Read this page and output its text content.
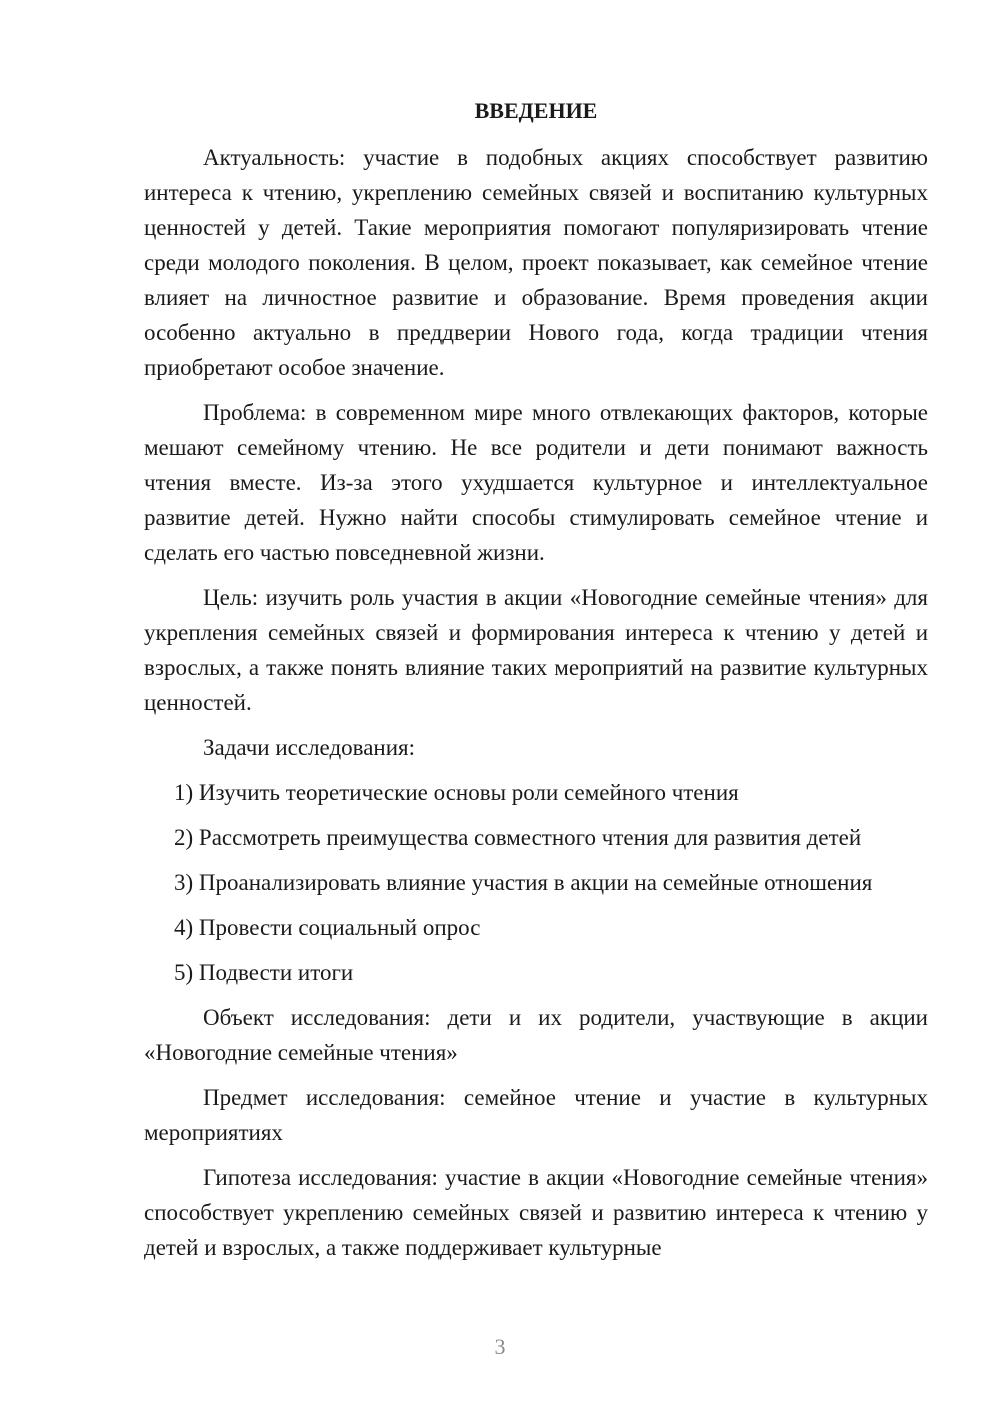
ВВЕДЕНИЕ

Актуальность: участие в подобных акциях способствует развитию интереса к чтению, укреплению семейных связей и воспитанию культурных ценностей у детей. Такие мероприятия помогают популяризировать чтение среди молодого поколения. В целом, проект показывает, как семейное чтение влияет на личностное развитие и образование. Время проведения акции особенно актуально в преддверии Нового года, когда традиции чтения приобретают особое значение.

Проблема: в современном мире много отвлекающих факторов, которые мешают семейному чтению. Не все родители и дети понимают важность чтения вместе. Из-за этого ухудшается культурное и интеллектуальное развитие детей. Нужно найти способы стимулировать семейное чтение и сделать его частью повседневной жизни.

Цель: изучить роль участия в акции «Новогодние семейные чтения» для укрепления семейных связей и формирования интереса к чтению у детей и взрослых, а также понять влияние таких мероприятий на развитие культурных ценностей.

Задачи исследования:

1) Изучить теоретические основы роли семейного чтения

2) Рассмотреть преимущества совместного чтения для развития детей

3) Проанализировать влияние участия в акции на семейные отношения

4) Провести социальный опрос

5) Подвести итоги

Объект исследования: дети и их родители, участвующие в акции «Новогодние семейные чтения»

Предмет исследования: семейное чтение и участие в культурных мероприятиях

Гипотеза исследования: участие в акции «Новогодние семейные чтения» способствует укреплению семейных связей и развитию интереса к чтению у детей и взрослых, а также поддерживает культурные

3
